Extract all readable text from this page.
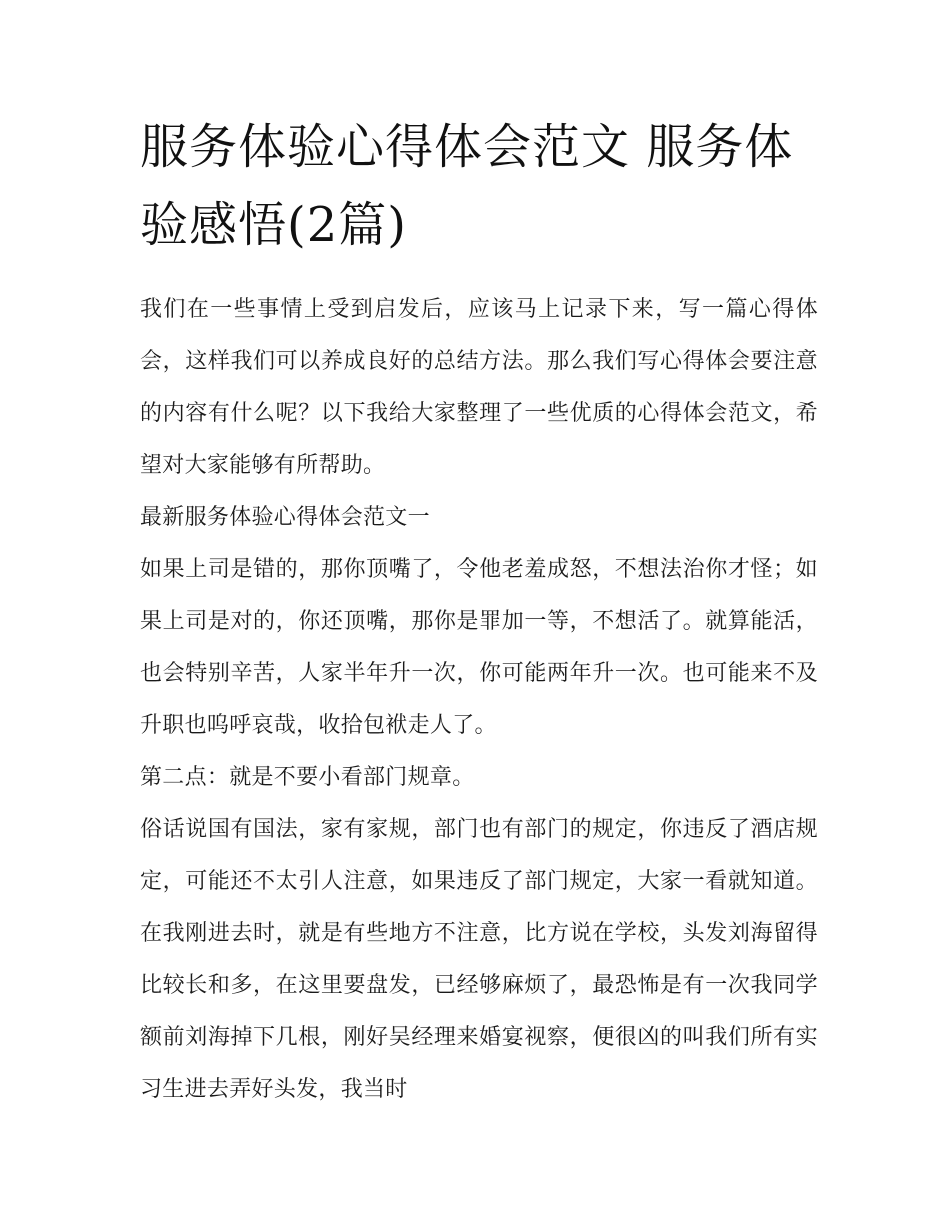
服务体验心得体会范文 服务体验感悟(2篇)

我们在一些事情上受到启发后，应该马上记录下来，写一篇心得体会，这样我们可以养成良好的总结方法。那么我们写心得体会要注意的内容有什么呢？以下我给大家整理了一些优质的心得体会范文，希望对大家能够有所帮助。

最新服务体验心得体会范文一

如果上司是错的，那你顶嘴了，令他老羞成怒，不想法治你才怪；如果上司是对的，你还顶嘴，那你是罪加一等，不想活了。就算能活，也会特别辛苦，人家半年升一次，你可能两年升一次。也可能来不及升职也呜呼哀哉，收拾包袱走人了。

第二点：就是不要小看部门规章。

俗话说国有国法，家有家规，部门也有部门的规定，你违反了酒店规定，可能还不太引人注意，如果违反了部门规定，大家一看就知道。在我刚进去时，就是有些地方不注意，比方说在学校，头发刘海留得比较长和多，在这里要盘发，已经够麻烦了，最恐怖是有一次我同学额前刘海掉下几根，刚好吴经理来婚宴视察，便很凶的叫我们所有实习生进去弄好头发，我当时
